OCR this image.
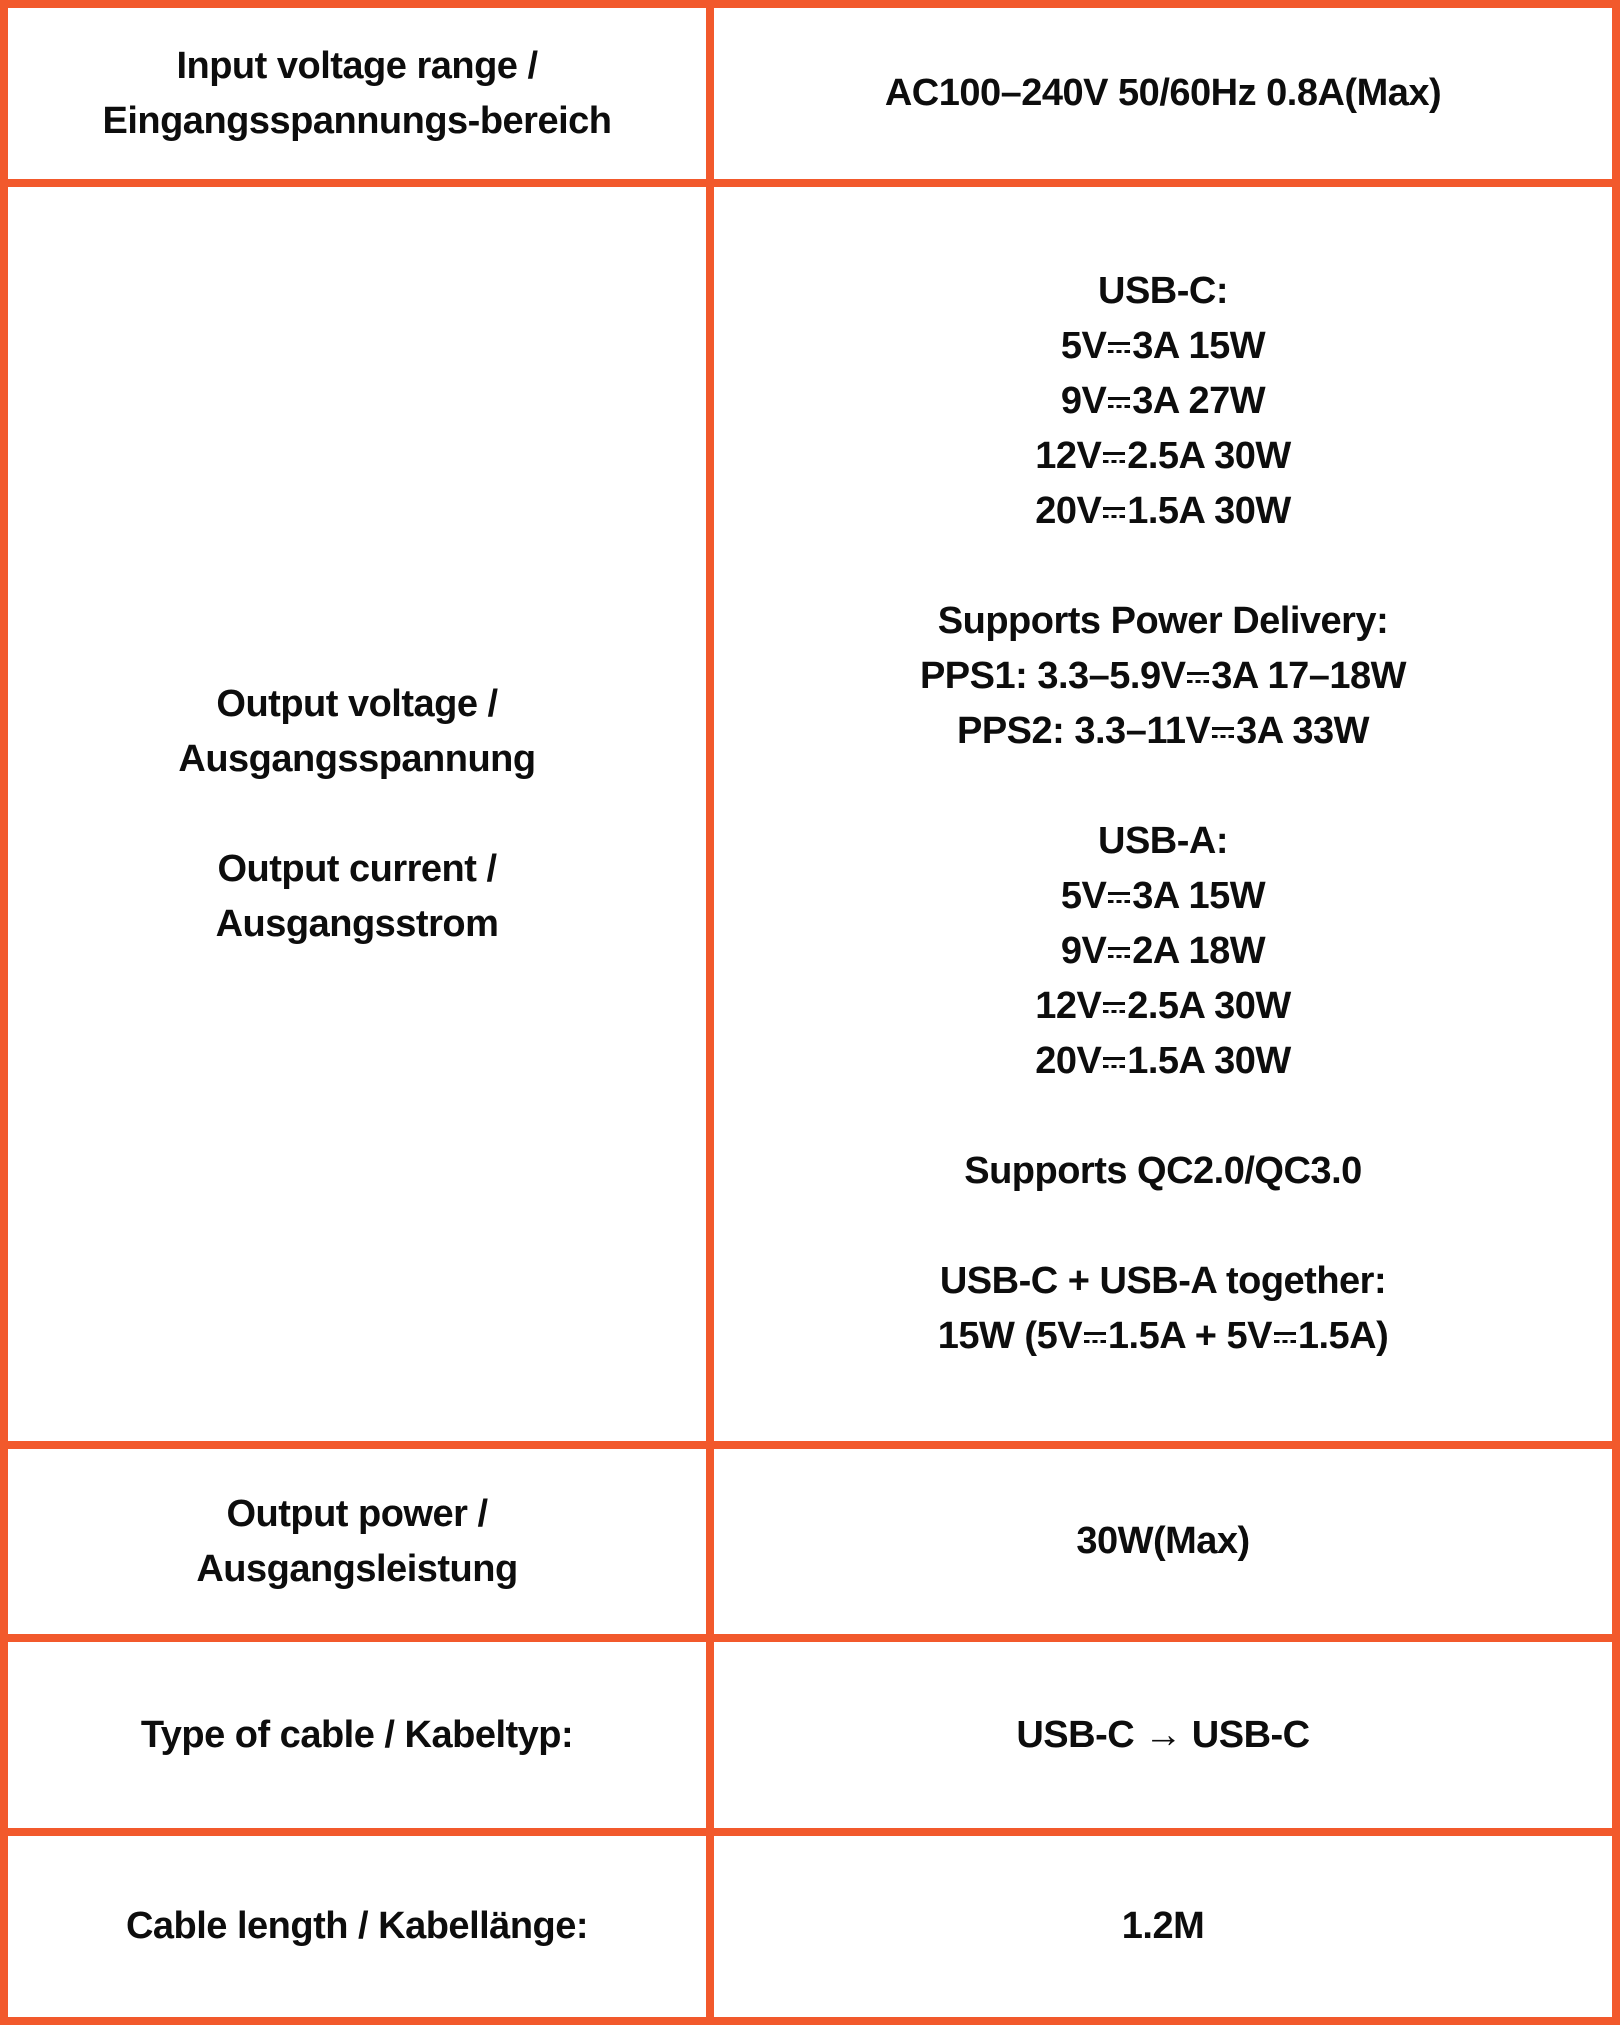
Input voltage range /
Eingangsspannungs-bereich
AC100–240V 50/60Hz 0.8A(Max)
Output voltage /
Ausgangsspannung

Output current /
Ausgangsstrom
USB-C:
5V 3A 15W
9V 3A 27W
12V 2.5A 30W
20V 1.5A 30W

Supports Power Delivery:
PPS1: 3.3–5.9V 3A 17–18W
PPS2: 3.3–11V 3A 33W

USB-A:
5V 3A 15W
9V 2A 18W
12V 2.5A 30W
20V 1.5A 30W

Supports QC2.0/QC3.0

USB-C + USB-A together:
15W (5V 1.5A + 5V 1.5A)
Output power /
Ausgangsleistung
30W(Max)
Type of cable / Kabeltyp:	USB-C → USB-C
Cable length / Kabellänge:	1.2M
